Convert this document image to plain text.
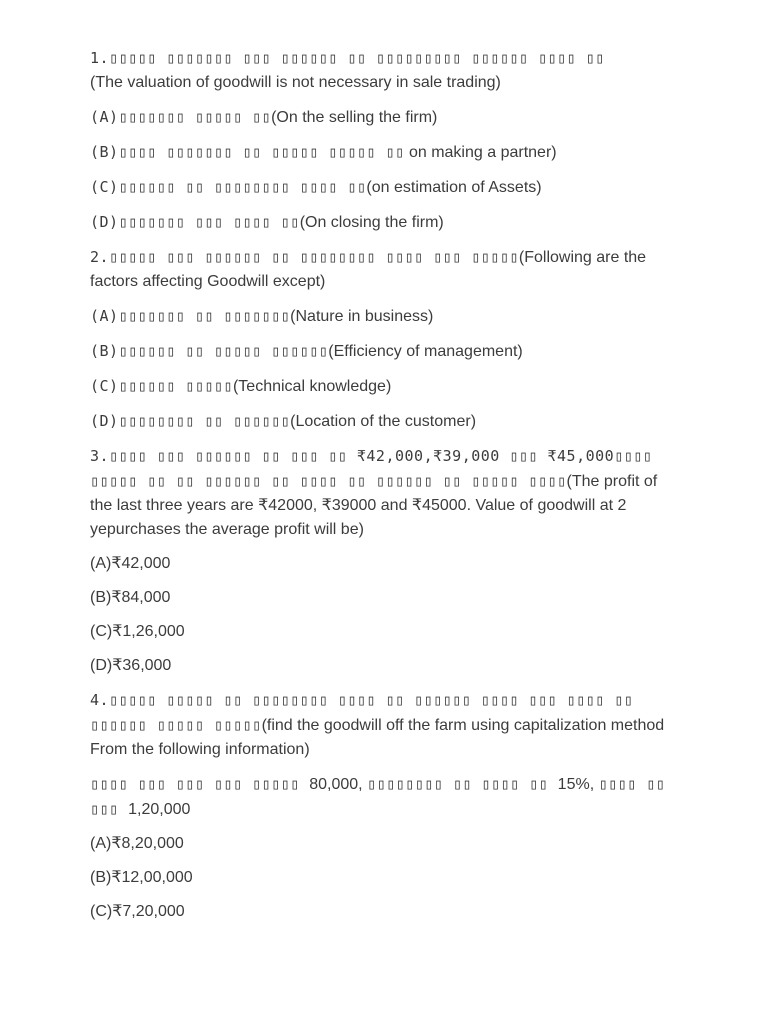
1.▯▯▯▯▯ ▯▯▯▯▯▯▯ ▯▯▯ ▯▯▯▯▯▯ ▯▯ ▯▯▯▯▯▯▯▯▯ ▯▯▯▯▯▯ ▯▯▯▯ ▯▯
(The valuation of goodwill is not necessary in sale trading)
(A)▯▯▯▯▯▯▯ ▯▯▯▯▯ ▯▯(On the selling the firm)
(B)▯▯▯▯ ▯▯▯▯▯▯▯ ▯▯ ▯▯▯▯▯ ▯▯▯▯▯ ▯▯ on making a partner)
(C)▯▯▯▯▯▯ ▯▯ ▯▯▯▯▯▯▯▯ ▯▯▯▯ ▯▯(on estimation of Assets)
(D)▯▯▯▯▯▯▯ ▯▯▯ ▯▯▯▯ ▯▯(On closing the firm)
2.▯▯▯▯▯ ▯▯▯ ▯▯▯▯▯▯ ▯▯ ▯▯▯▯▯▯▯▯ ▯▯▯▯ ▯▯▯ ▯▯▯▯▯(Following are the factors affecting Goodwill except)
(A)▯▯▯▯▯▯▯ ▯▯ ▯▯▯▯▯▯▯(Nature in business)
(B)▯▯▯▯▯▯ ▯▯ ▯▯▯▯▯ ▯▯▯▯▯▯(Efficiency of management)
(C)▯▯▯▯▯▯ ▯▯▯▯▯(Technical knowledge)
(D)▯▯▯▯▯▯▯▯ ▯▯ ▯▯▯▯▯▯(Location of the customer)
3.▯▯▯▯ ▯▯▯ ▯▯▯▯▯▯ ▯▯ ▯▯▯ ▯▯ ₹42,000,₹39,000 ▯▯▯ ₹45,000▯▯▯▯ ▯▯▯▯▯ ▯▯ ▯▯ ▯▯▯▯▯▯ ▯▯ ▯▯▯▯ ▯▯ ▯▯▯▯▯▯ ▯▯ ▯▯▯▯▯ ▯▯▯▯(The profit of the last three years are ₹42000, ₹39000 and ₹45000. Value of goodwill at 2 yepurchases the average profit will be)
(A)₹42,000
(B)₹84,000
(C)₹1,26,000
(D)₹36,000
4.▯▯▯▯▯ ▯▯▯▯▯ ▯▯ ▯▯▯▯▯▯▯▯ ▯▯▯▯ ▯▯ ▯▯▯▯▯▯ ▯▯▯▯ ▯▯▯ ▯▯▯▯ ▯▯ ▯▯▯▯▯▯ ▯▯▯▯▯ ▯▯▯▯▯(find the goodwill off the farm using capitalization method From the following information)
▯▯▯▯ ▯▯▯ ▯▯▯ ▯▯▯ ▯▯▯▯▯ 80,000, ▯▯▯▯▯▯▯▯ ▯▯ ▯▯▯▯ ▯▯ 15%, ▯▯▯▯ ▯▯ ▯▯▯ 1,20,000
(A)₹8,20,000
(B)₹12,00,000
(C)₹7,20,000
